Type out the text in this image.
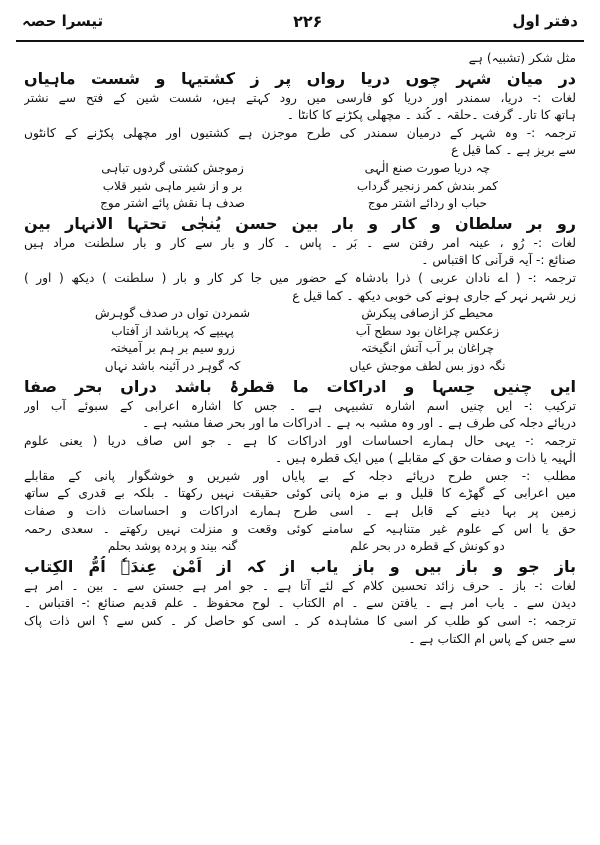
دفتر اول
۲۲۶
تیسرا حصہ
مثل شکر (تشبیہ) ہے
در میان شہر چوں دریا رواں پر ز کشتیہا و شست ماہیاں
لغات :- دریا، سمندر اور دریا کو فارسی میں رود کہتے ہیں، شست شین کے فتح سے نشتر
ہاتھ کا تار۔ گرفت ۔حلقہ ۔ کُند ۔ مچھلی پکڑنے کا کانٹا ۔
ترجمہ :- وہ شہر کے درمیان سمندر کی طرح موجزن ہے کشتیوں اور مچھلی پکڑنے کے کانٹوں
سے بریز ہے ۔ کما قیل ع
چہ دریا صورت صنع الٰہی
زموجش کشتی گردوں تباہی
کمر بندش کمر زنجیر گرداب
بر و از شیر ماہی شیر قلاب
حباب او ردائے اشتر موج
صدف ہا نقش پائے اشتر موج
رو بر سلطان و کار و بار بین حسن یُنجٰی تحتہا الانہار بین
لغات :- رُو ، عینہ امر رفتن سے ۔ بَر ۔ پاس ۔ کار و بار سے کار و بار سلطنت مراد ہیں
صنائع :- آیہ قرآنی کا اقتباس ۔
ترجمہ :- ( اے نادان عربی ) ذرا بادشاہ کے حضور میں جا کر کار و بار ( سلطنت ) دیکھ ( اور )
زیر شہر نہر کے جاری ہونے کی خوبی دیکھ ۔ کما قیل ع
محیطے کز ازصافی پیکرش
شمردن تواں در صدف گوہرش
زعکس چراغان بود سطح آب
پہیپے کہ پرباشد از آفتاب
چراغان بر آب آتش انگیختہ
زرو سیم بر ہم بر آمیختہ
نگہ دوز بس لطف موجش عیاں
کہ گوہر در آئینہ باشد نہاں
ایں چنیں حِسہا و ادراکات ما قطرۂ باشد دراں بحر صفا
ترکیب :- ایں چنیں اسم اشارہ تشبیہی ہے ۔ جس کا اشارہ اعرابی کے سبوئے آب اور
دریائے دجلہ کی طرف ہے ۔ اور وہ مشبہ بہ ہے ۔ ادراکات ما اور بحر صفا مشبہ ہے ۔
ترجمہ :- یہی حال ہمارے احساسات اور ادراکات کا ہے ۔ جو اس صاف دریا ( یعنی علوم
الٰہیہ یا ذات و صفات حق کے مقابلے ) میں ایک قطرہ ہیں ۔
مطلب :- جس طرح دریائے دجلہ کے بے پایاں اور شیریں و خوشگوار پانی کے مقابلے
میں اعرابی کے گھڑے کا قلیل و بے مزہ پانی کوئی حقیقت نہیں رکھتا ۔ بلکہ بے قدری کے ساتھ
زمین پر بہا دینے کے قابل ہے ۔ اسی طرح ہمارے ادراکات و احساسات ذات و صفات
حق یا اس کے علوم غیر متناہیہ کے سامنے کوئی وقعت و منزلت نہیں رکھتے ۔ سعدی رحمہ
دو کونش کے قطرہ در بحر علم
گنہ بیند و پردہ پوشد بحلم
باز جو و باز بیں و باز یاب از کہ از اَمْن عِندَہٗ اُمُّ الکِتاب
لغات :- باز ۔ حرف زائد تحسین کلام کے لئے آتا ہے ۔ جو امر ہے جستن سے ۔ بین ۔ امر ہے
دیدن سے ۔ یاب امر ہے ۔ یافتن سے ۔ ام الکتاب ۔ لوح محفوظ ۔ علم قدیم صنائع :- اقتباس ۔
ترجمہ :- اسی کو طلب کر اسی کا مشاہدہ کر ۔ اسی کو حاصل کر ۔ کس سے ؟ اس ذات پاک
سے جس کے پاس ام الکتاب ہے ۔
